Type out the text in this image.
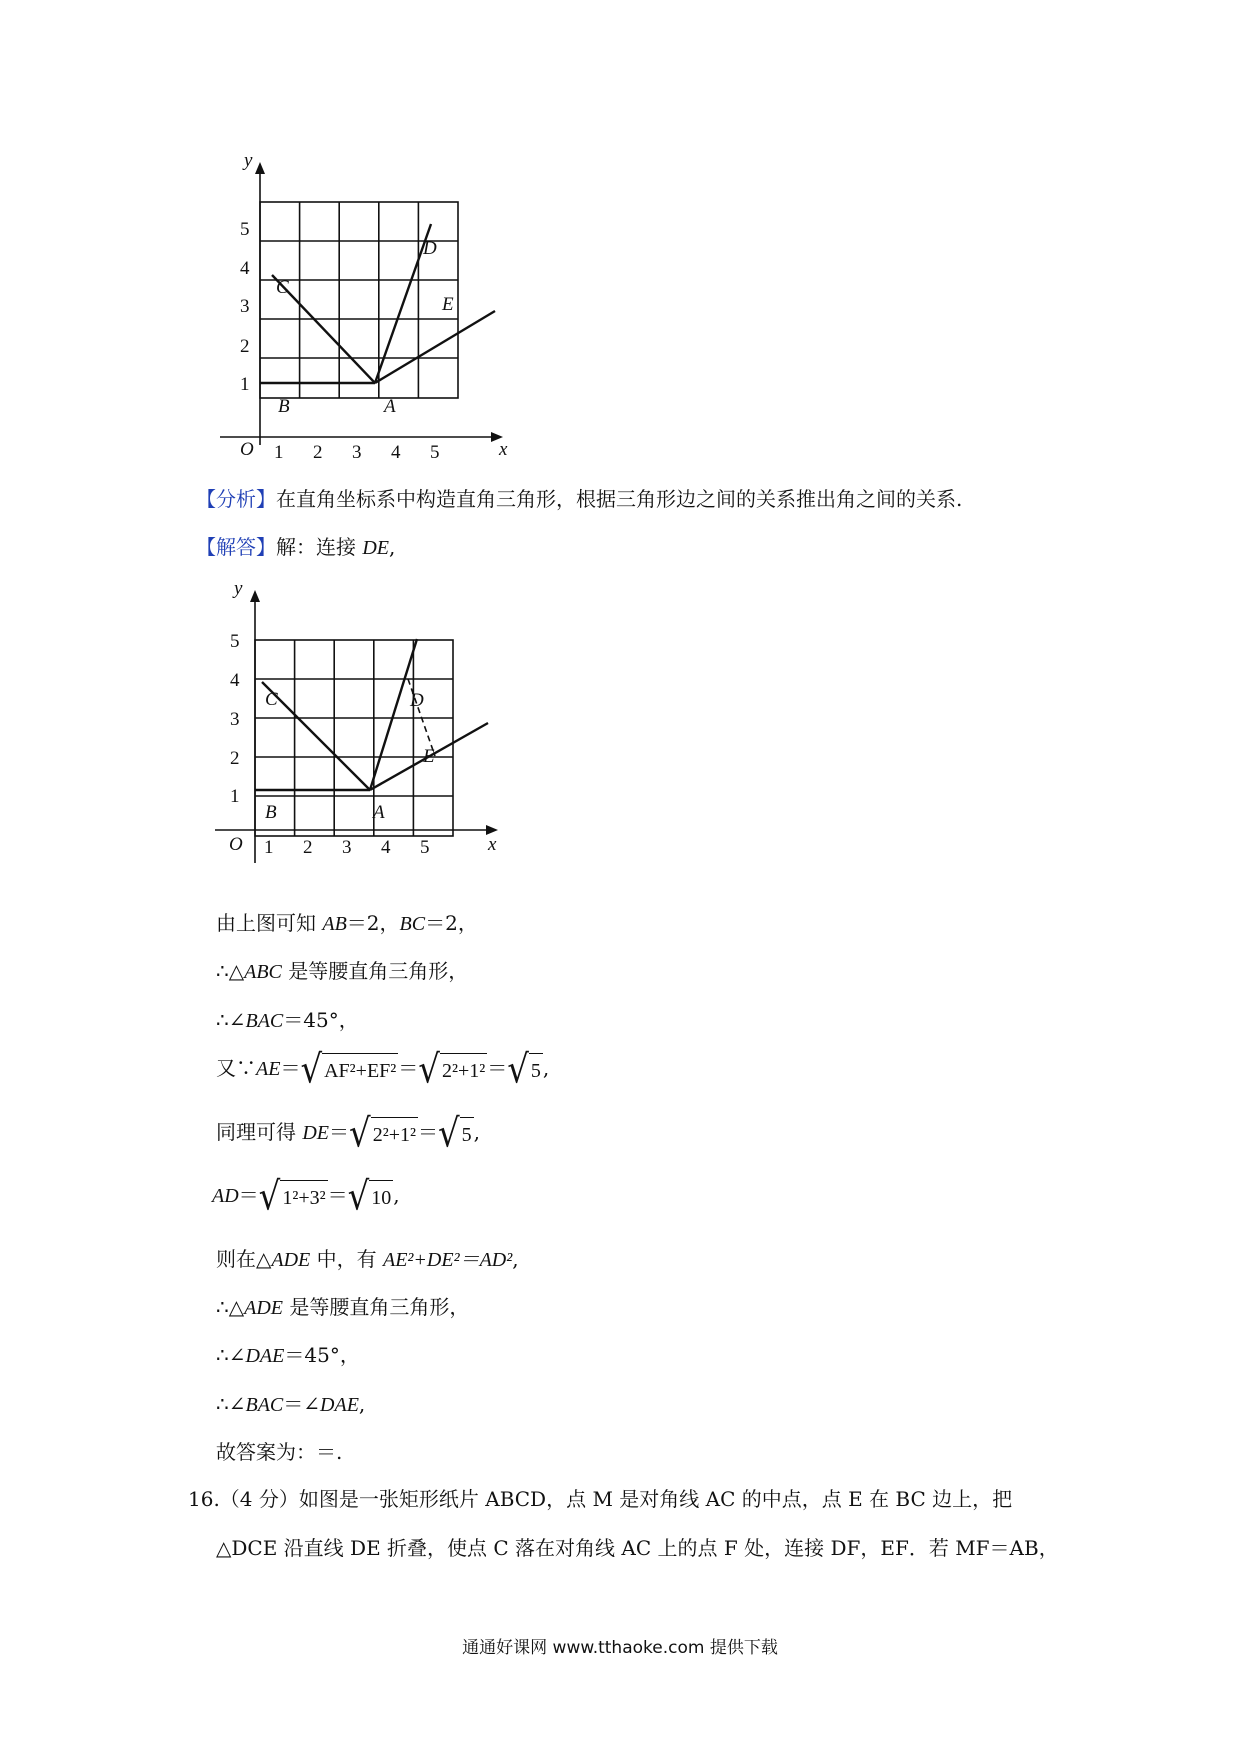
y
x
O 1 2 3 4 5
1
2
3
4
5
B	A
C
D
E
【分析】在直角坐标系中构造直角三角形，根据三角形边之间的关系推出角之间的关系.
【解答】解：连接 DE,
y
x
O 1 2 3 4 5
1
2
3
4
5
B	A
C	D
E
由上图可知 AB＝2，BC＝2，
∴△ABC 是等腰直角三角形，
∴∠BAC＝45°，
又∵AE＝√ AF²+EF² ＝√ 2²+1² ＝√ 5 ,
同理可得 DE＝√ 2²+1² ＝√ 5 ,
AD＝√ 1²+3² ＝√ 10 ,
则在△ADE 中，有 AE²+DE²＝AD²,
∴△ADE 是等腰直角三角形，
∴∠DAE＝45°，
∴∠BAC＝∠DAE,
故答案为：＝.
16.（4 分）如图是一张矩形纸片 ABCD，点 M 是对角线 AC 的中点，点 E 在 BC 边上，把
△DCE 沿直线 DE 折叠，使点 C 落在对角线 AC 上的点 F 处，连接 DF，EF．若 MF＝AB，
通通好课网 www.tthaoke.com 提供下载
